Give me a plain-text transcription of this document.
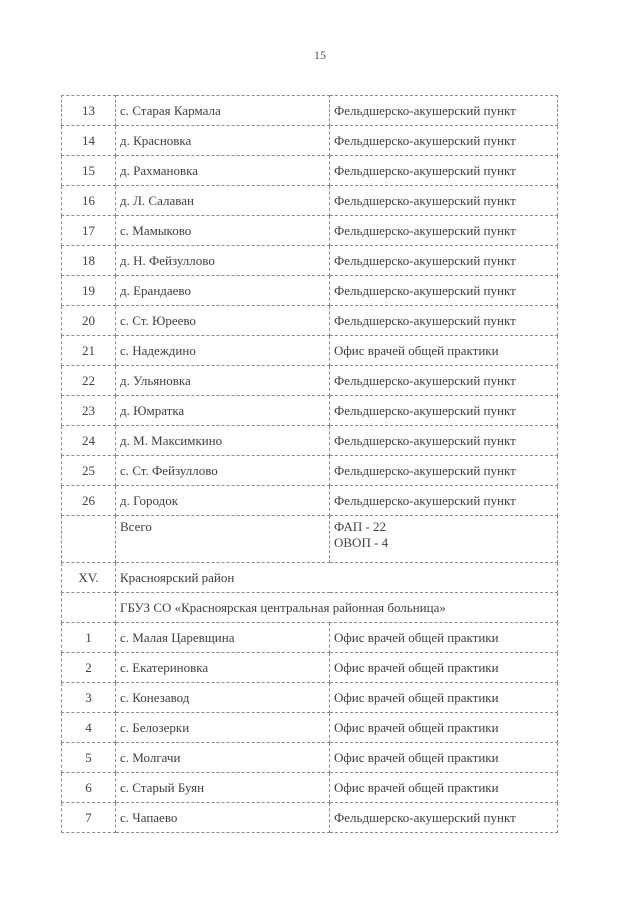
15
13	с. Старая Кармала	Фельдшерско-акушерский пункт
14	д. Красновка	Фельдшерско-акушерский пункт
15	д. Рахмановка	Фельдшерско-акушерский пункт
16	д. Л. Салаван	Фельдшерско-акушерский пункт
17	с. Мамыково	Фельдшерско-акушерский пункт
18	д. Н. Фейзуллово	Фельдшерско-акушерский пункт
19	д. Ерандаево	Фельдшерско-акушерский пункт
20	с. Ст. Юреево	Фельдшерско-акушерский пункт
21	с. Надеждино	Офис врачей общей практики
22	д. Ульяновка	Фельдшерско-акушерский пункт
23	д. Юмратка	Фельдшерско-акушерский пункт
24	д. М. Максимкино	Фельдшерско-акушерский пункт
25	с. Ст. Фейзуллово	Фельдшерско-акушерский пункт
26	д. Городок	Фельдшерско-акушерский пункт
	Всего	ФАП - 22
ОВОП - 4

XV.	Красноярский район	
	ГБУЗ СО «Красноярская центральная районная больница»	
1	с. Малая Царевщина	Офис врачей общей практики
2	с. Екатериновка	Офис врачей общей практики
3	с. Конезавод	Офис врачей общей практики
4	с. Белозерки	Офис врачей общей практики
5	с. Молгачи	Офис врачей общей практики
6	с. Старый Буян	Офис врачей общей практики
7	с. Чапаево	Фельдшерско-акушерский пункт
